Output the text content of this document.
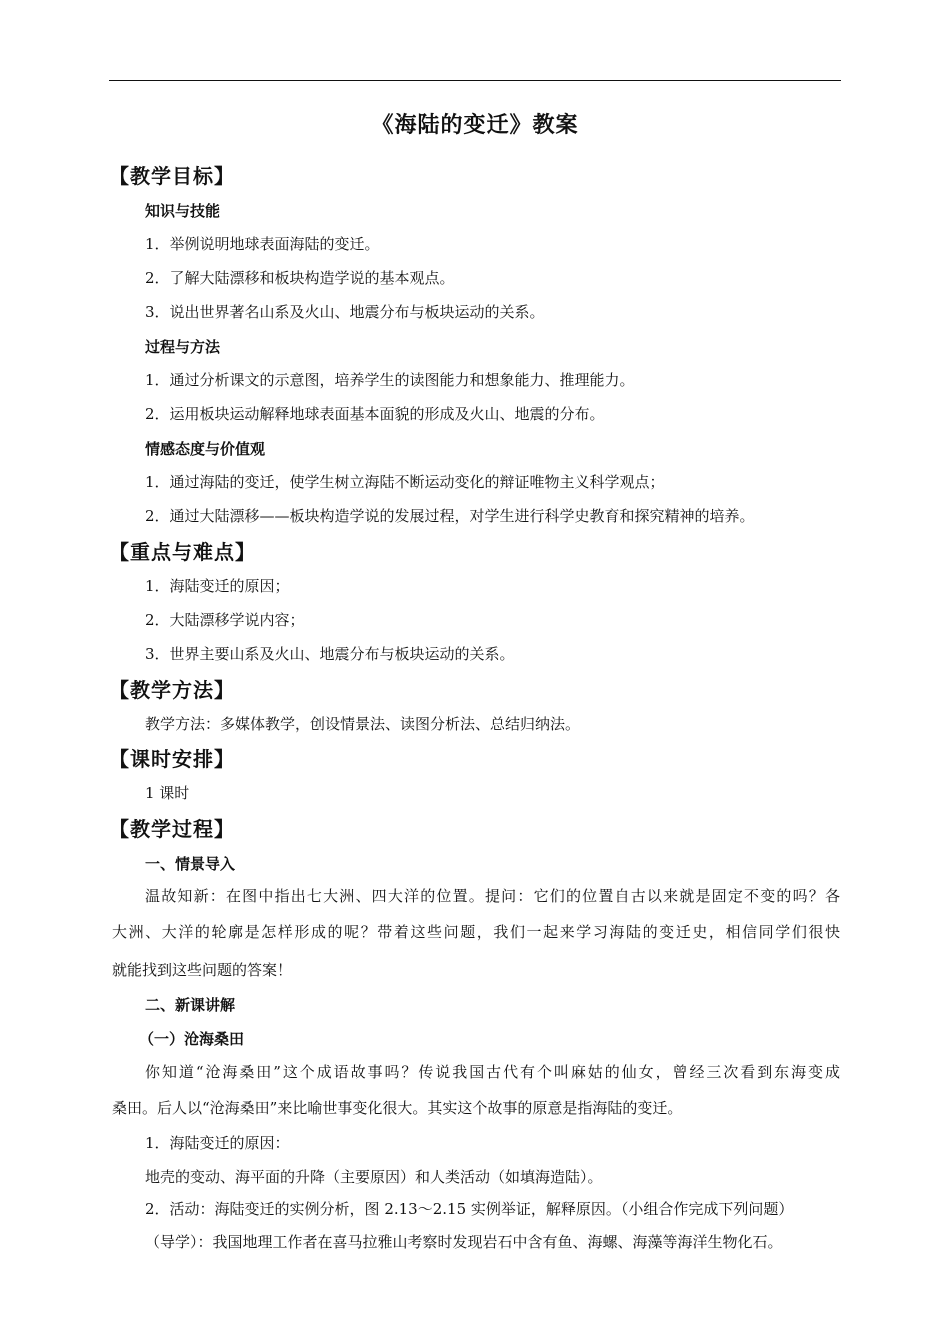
《海陆的变迁》教案
【教学目标】
知识与技能
1．举例说明地球表面海陆的变迁。
2．了解大陆漂移和板块构造学说的基本观点。
3．说出世界著名山系及火山、地震分布与板块运动的关系。
过程与方法
1．通过分析课文的示意图，培养学生的读图能力和想象能力、推理能力。
2．运用板块运动解释地球表面基本面貌的形成及火山、地震的分布。
情感态度与价值观
1．通过海陆的变迁，使学生树立海陆不断运动变化的辩证唯物主义科学观点；
2．通过大陆漂移——板块构造学说的发展过程，对学生进行科学史教育和探究精神的培养。
【重点与难点】
1．海陆变迁的原因；
2．大陆漂移学说内容；
3．世界主要山系及火山、地震分布与板块运动的关系。
【教学方法】
教学方法：多媒体教学，创设情景法、读图分析法、总结归纳法。
【课时安排】
1 课时
【教学过程】
一、情景导入
温故知新：在图中指出七大洲、四大洋的位置。提问：它们的位置自古以来就是固定不变的吗？各
大洲、大洋的轮廓是怎样形成的呢？带着这些问题，我们一起来学习海陆的变迁史，相信同学们很快
就能找到这些问题的答案！
二、新课讲解
（一）沧海桑田
你知道“沧海桑田”这个成语故事吗？传说我国古代有个叫麻姑的仙女，曾经三次看到东海变成
桑田。后人以“沧海桑田”来比喻世事变化很大。其实这个故事的原意是指海陆的变迁。
1．海陆变迁的原因：
地壳的变动、海平面的升降（主要原因）和人类活动（如填海造陆）。
2．活动：海陆变迁的实例分析，图 2.13～2.15 实例举证，解释原因。（小组合作完成下列问题）
（导学）：我国地理工作者在喜马拉雅山考察时发现岩石中含有鱼、海螺、海藻等海洋生物化石。
